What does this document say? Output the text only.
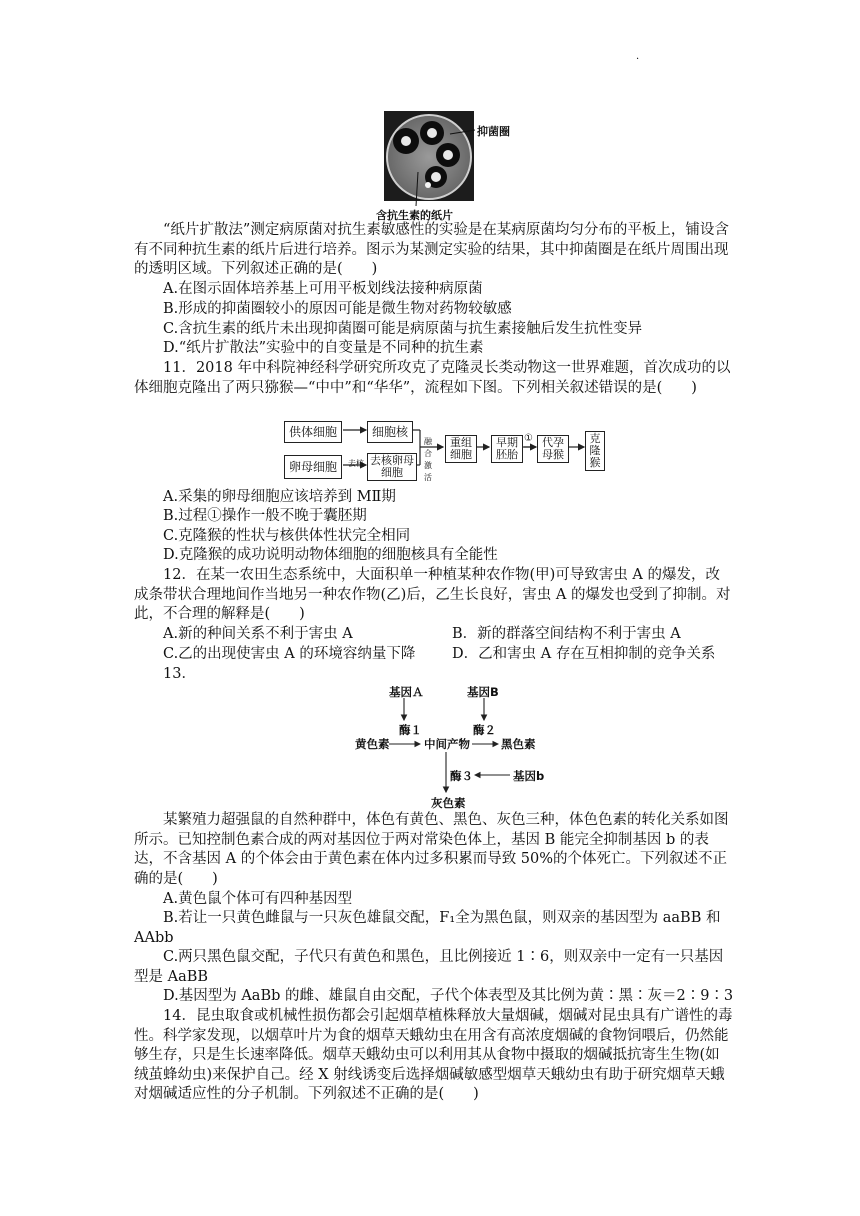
·
抑菌圈
含抗生素的纸片

“纸片扩散法”测定病原菌对抗生素敏感性的实验是在某病原菌均匀分布的平板上，铺设含有不同种抗生素的纸片后进行培养。图示为某测定实验的结果，其中抑菌圈是在纸片周围出现的透明区域。下列叙述正确的是(　　)

A.在图示固体培养基上可用平板划线法接种病原菌
B.形成的抑菌圈较小的原因可能是微生物对药物较敏感
C.含抗生素的纸片未出现抑菌圈可能是病原菌与抗生素接触后发生抗性变异
D.“纸片扩散法”实验中的自变量是不同种的抗生素

11．2018 年中科院神经科学研究所攻克了克隆灵长类动物这一世界难题，首次成功的以体细胞克隆出了两只猕猴—“中中”和“华华”，流程如下图。下列相关叙述错误的是(　　)

供体细胞	细胞核
卵母细胞	去核 去核卵母细胞
融合激活
重组细胞
早期胚胎
① 代孕母猴
克隆猴
A.采集的卵母细胞应该培养到 MⅡ期
B.过程①操作一般不晚于囊胚期
C.克隆猴的性状与核供体性状完全相同
D.克隆猴的成功说明动物体细胞的细胞核具有全能性

12．在某一农田生态系统中，大面积单一种植某种农作物(甲)可导致害虫 A 的爆发，改成条带状合理地间作当地另一种农作物(乙)后，乙生长良好，害虫 A 的爆发也受到了抑制。对此，不合理的解释是(　　)

A.新的种间关系不利于害虫 A	B．新的群落空间结构不利于害虫 A
C.乙的出现使害虫 A 的环境容纳量下降	D．乙和害虫 A 存在互相抑制的竞争关系
13．
基因Ａ	基因B
酶１	酶２
黄色素	中间产物	黑色素
酶３	基因b
灰色素

某繁殖力超强鼠的自然种群中，体色有黄色、黑色、灰色三种，体色色素的转化关系如图所示。已知控制色素合成的两对基因位于两对常染色体上，基因 B 能完全抑制基因 b 的表达，不含基因 A 的个体会由于黄色素在体内过多积累而导致 50%的个体死亡。下列叙述不正确的是(　　)

A.黄色鼠个体可有四种基因型

B.若让一只黄色雌鼠与一只灰色雄鼠交配，F₁全为黑色鼠，则双亲的基因型为 aaBB 和 AAbb

C.两只黑色鼠交配，子代只有黄色和黑色，且比例接近 1∶6，则双亲中一定有一只基因型是 AaBB

D.基因型为 AaBb 的雌、雄鼠自由交配，子代个体表型及其比例为黄∶黑∶灰＝2∶9∶3

14．昆虫取食或机械性损伤都会引起烟草植株释放大量烟碱，烟碱对昆虫具有广谱性的毒性。科学家发现，以烟草叶片为食的烟草天蛾幼虫在用含有高浓度烟碱的食物饲喂后，仍然能够生存，只是生长速率降低。烟草天蛾幼虫可以利用其从食物中摄取的烟碱抵抗寄生生物(如绒茧蜂幼虫)来保护自己。经 X 射线诱变后选择烟碱敏感型烟草天蛾幼虫有助于研究烟草天蛾对烟碱适应性的分子机制。下列叙述不正确的是(　　)
